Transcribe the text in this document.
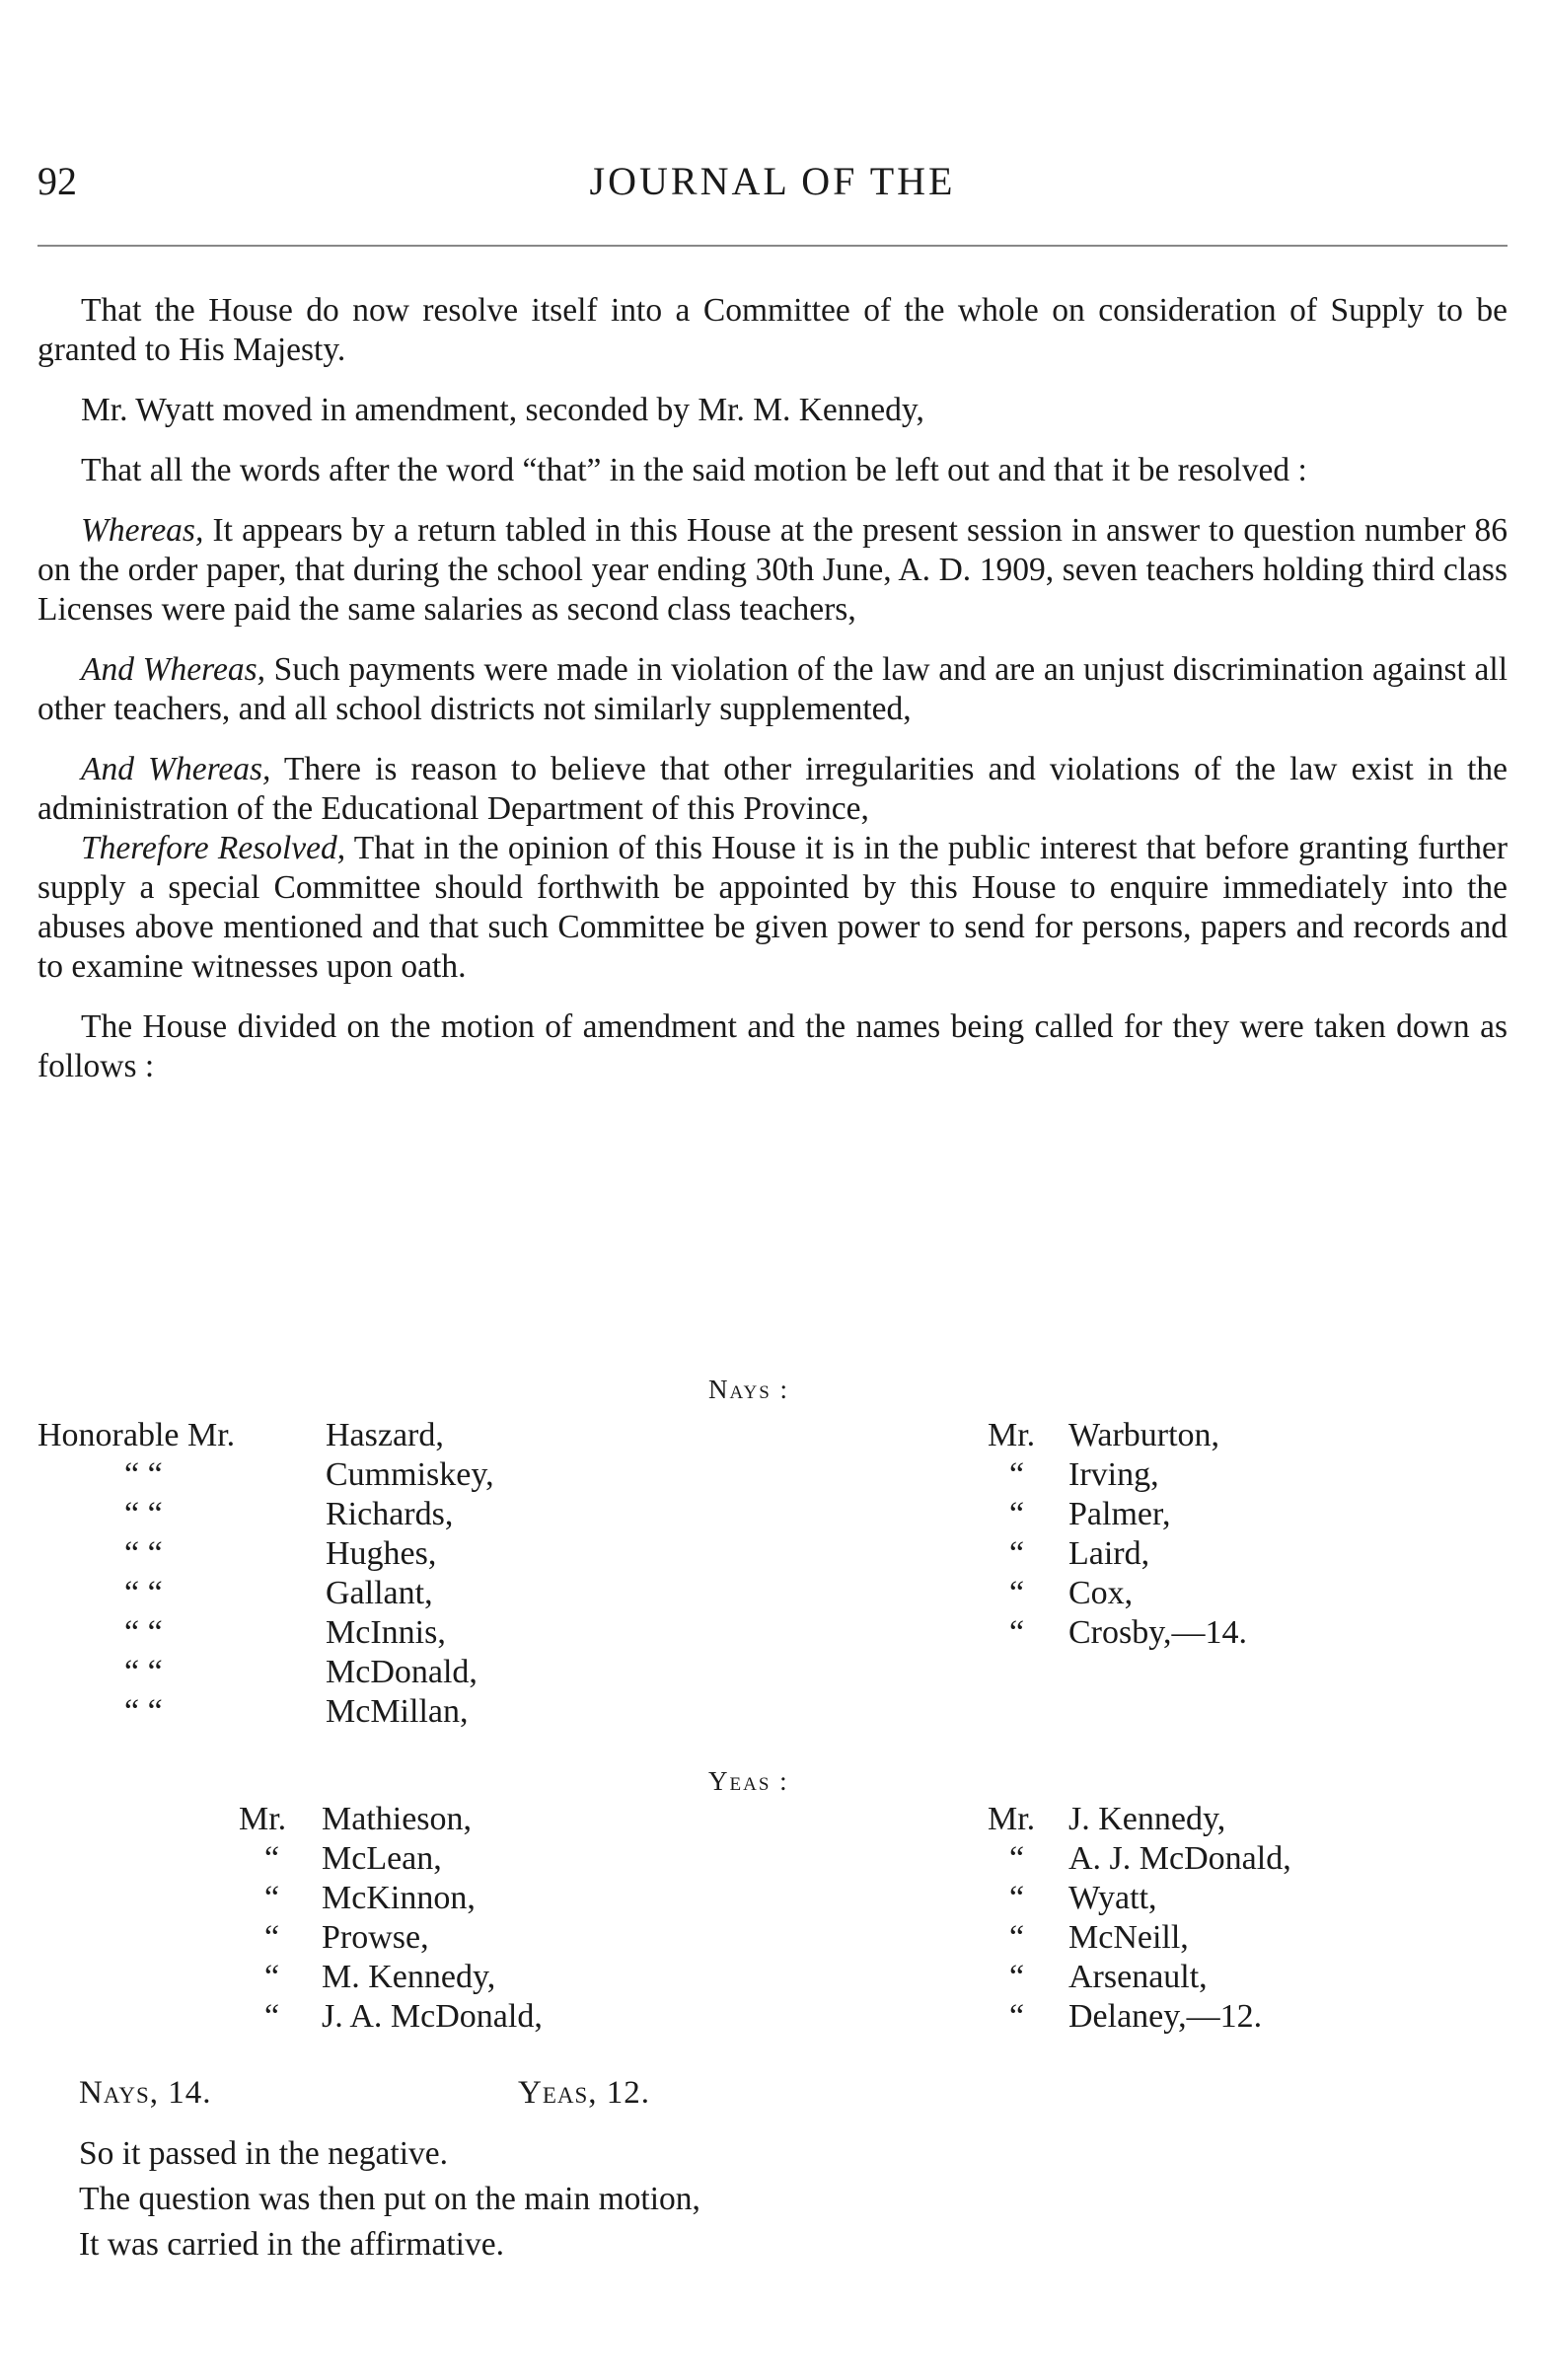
92	JOURNAL OF THE

That the House do now resolve itself into a Committee of the whole on consideration of Supply to be granted to His Majesty.

Mr. Wyatt moved in amendment, seconded by Mr. M. Kennedy,

That all the words after the word “that” in the said motion be left out and that it be resolved :

Whereas, It appears by a return tabled in this House at the present session in answer to question number 86 on the order paper, that during the school year ending 30th June, A. D. 1909, seven teachers holding third class Licenses were paid the same salaries as second class teachers,

And Whereas, Such payments were made in violation of the law and are an unjust discrimination against all other teachers, and all school districts not similarly supplemented,

And Whereas, There is reason to believe that other irregularities and violations of the law exist in the administration of the Educational Department of this Province,

Therefore Resolved, That in the opinion of this House it is in the public interest that before granting further supply a special Committee should forthwith be appointed by this House to enquire immediately into the abuses above mentioned and that such Committee be given power to send for persons, papers and records and to examine witnesses upon oath.

The House divided on the motion of amendment and the names being called for they were taken down as follows :

Nays :
Honorable Mr.	Haszard,
“ “	Cummiskey,
“ “	Richards,
“ “	Hughes,
“ “	Gallant,
“ “	McInnis,
“ “	McDonald,
“ “	McMillan,
Mr. Warburton,
“ Irving,
“ Palmer,
“ Laird,
“ Cox,
“ Crosby,—14.
Yeas :
Mr. Mathieson,
“ McLean,
“ McKinnon,
“ Prowse,
“ M. Kennedy,
“ J. A. McDonald,
Mr. J. Kennedy,
“ A. J. McDonald,
“ Wyatt,
“ McNeill,
“ Arsenault,
“ Delaney,—12.
Nays, 14.	Yeas, 12.
So it passed in the negative.
The question was then put on the main motion,
It was carried in the affirmative.
